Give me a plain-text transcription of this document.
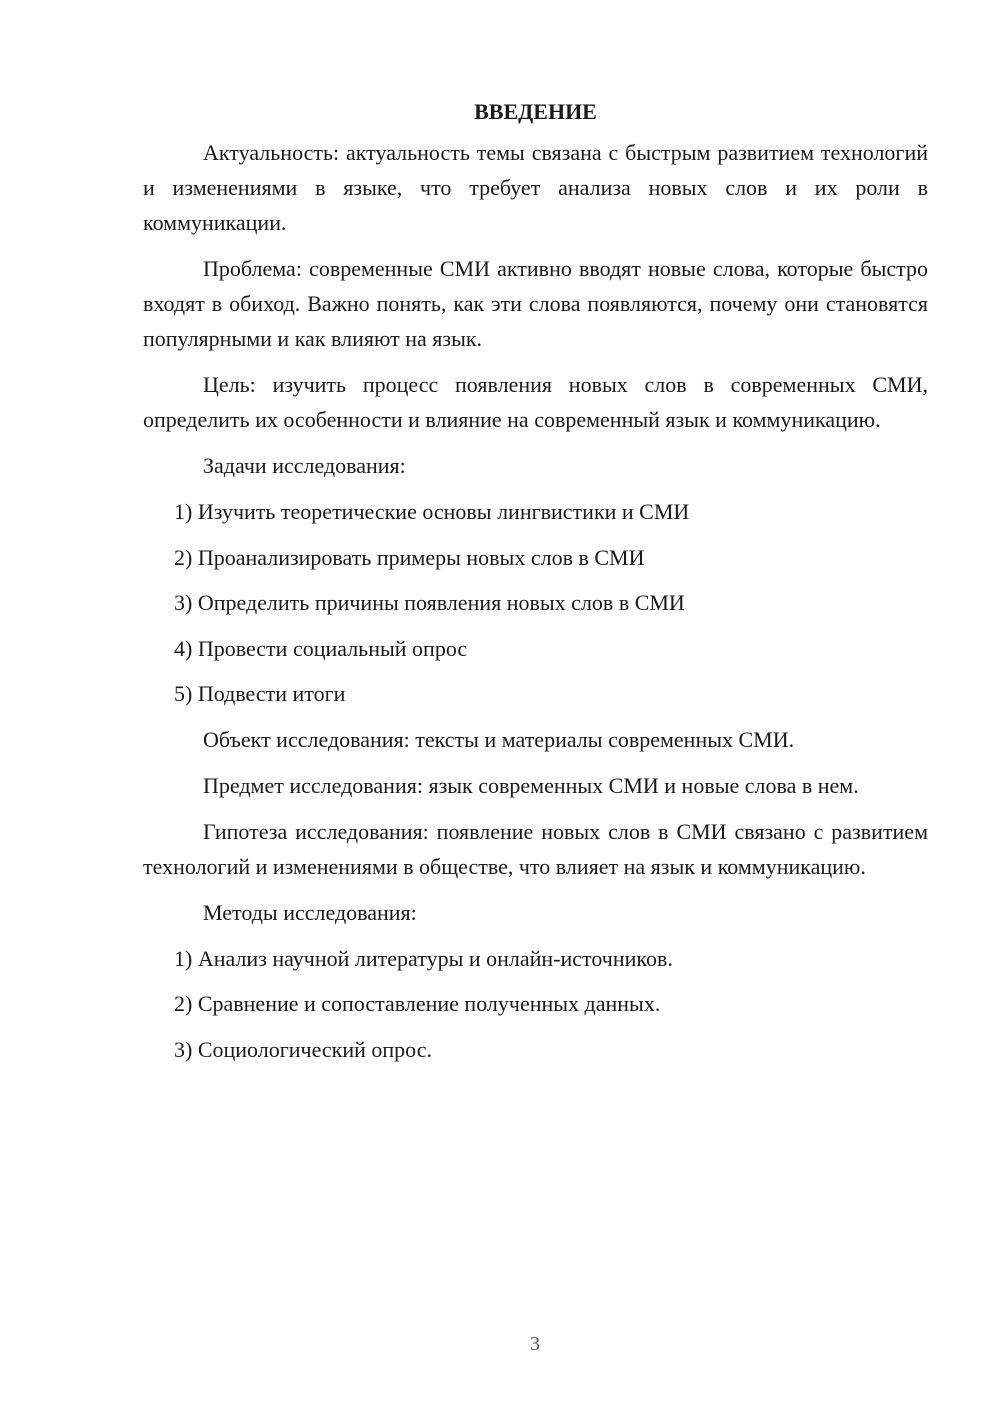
ВВЕДЕНИЕ

Актуальность: актуальность темы связана с быстрым развитием технологий и изменениями в языке, что требует анализа новых слов и их роли в коммуникации.

Проблема: современные СМИ активно вводят новые слова, которые быстро входят в обиход. Важно понять, как эти слова появляются, почему они становятся популярными и как влияют на язык.

Цель: изучить процесс появления новых слов в современных СМИ, определить их особенности и влияние на современный язык и коммуникацию.

Задачи исследования:

1) Изучить теоретические основы лингвистики и СМИ
2) Проанализировать примеры новых слов в СМИ
3) Определить причины появления новых слов в СМИ
4) Провести социальный опрос
5) Подвести итоги

Объект исследования: тексты и материалы современных СМИ.

Предмет исследования: язык современных СМИ и новые слова в нем.

Гипотеза исследования: появление новых слов в СМИ связано с развитием технологий и изменениями в обществе, что влияет на язык и коммуникацию.

Методы исследования:

1) Анализ научной литературы и онлайн-источников.
2) Сравнение и сопоставление полученных данных.
3) Социологический опрос.
3
